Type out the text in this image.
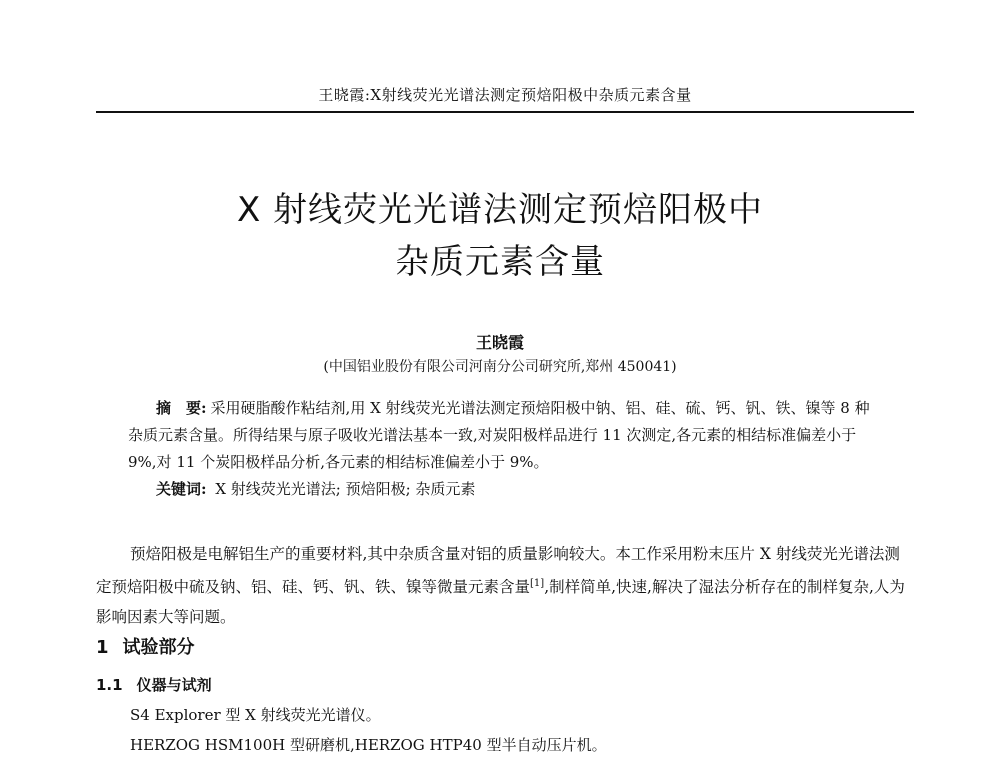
王晓霞:X射线荧光光谱法测定预焙阳极中杂质元素含量
X 射线荧光光谱法测定预焙阳极中
杂质元素含量
王晓霞
(中国铝业股份有限公司河南分公司研究所,郑州 450041)

摘　要: 采用硬脂酸作粘结剂,用 X 射线荧光光谱法测定预焙阳极中钠、铝、硅、硫、钙、钒、铁、镍等 8 种杂质元素含量。所得结果与原子吸收光谱法基本一致,对炭阳极样品进行 11 次测定,各元素的相结标准偏差小于 9%,对 11 个炭阳极样品分析,各元素的相结标准偏差小于 9%。

关键词: X 射线荧光光谱法; 预焙阳极; 杂质元素

预焙阳极是电解铝生产的重要材料,其中杂质含量对铝的质量影响较大。本工作采用粉末压片 X 射线荧光光谱法测定预焙阳极中硫及钠、铝、硅、钙、钒、铁、镍等微量元素含量[1],制样简单,快速,解决了湿法分析存在的制样复杂,人为影响因素大等问题。

1 试验部分
1.1 仪器与试剂
S4 Explorer 型 X 射线荧光光谱仪。
HERZOG HSM100H 型研磨机,HERZOG HTP40 型半自动压片机。
